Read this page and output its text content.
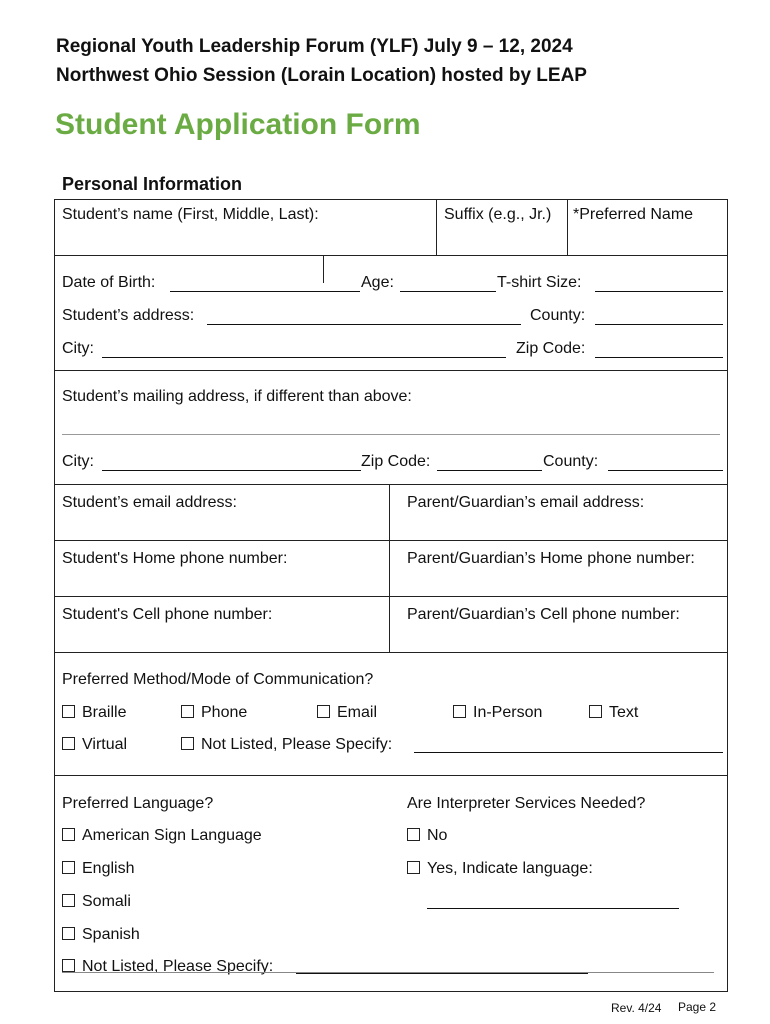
Regional Youth Leadership Forum (YLF) July 9 – 12, 2024
Northwest Ohio Session (Lorain Location) hosted by LEAP
Student Application Form
Personal Information
Student’s name (First, Middle, Last):	Suffix (e.g., Jr.) *Preferred Name
Date of Birth:	Age:	T-shirt Size:
Student’s address:	County:
City:	Zip Code:
Student’s mailing address, if different than above:
City:	Zip Code:	County:
Student’s email address:	Parent/Guardian’s email address:
Student's Home phone number:	Parent/Guardian’s Home phone number:
Student's Cell phone number:	Parent/Guardian’s Cell phone number:
Preferred Method/Mode of Communication?
Braille	Phone	Email	In-Person	Text
Virtual	Not Listed, Please Specify:
Preferred Language?
American Sign Language
English
Somali
Spanish
Not Listed, Please Specify:
Are Interpreter Services Needed?
No
Yes, Indicate language:
Rev. 4/24 Page 2
